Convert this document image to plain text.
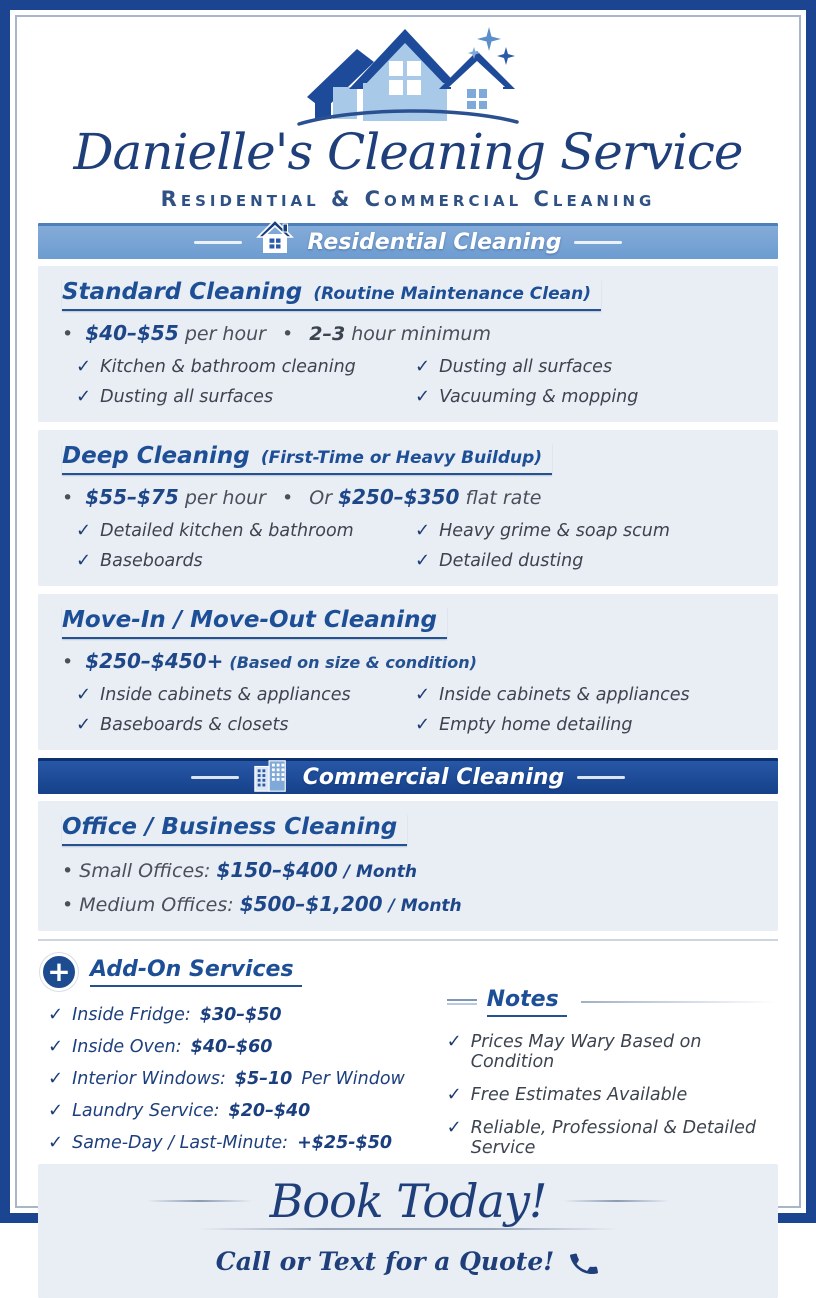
Danielle's Cleaning Service
Residential & Commercial Cleaning
Residential Cleaning
Standard Cleaning (Routine Maintenance Clean)
• $40–$55 per hour • 2–3 hour minimum
✓ Kitchen & bathroom cleaning	✓ Dusting all surfaces
✓ Dusting all surfaces	✓ Vacuuming & mopping
Deep Cleaning (First-Time or Heavy Buildup)
• $55–$75 per hour • Or $250–$350 flat rate
✓ Detailed kitchen & bathroom	✓ Heavy grime & soap scum
✓ Baseboards	✓ Detailed dusting
Move-In / Move-Out Cleaning
• $250–$450+ (Based on size & condition)
✓ Inside cabinets & appliances	✓ Inside cabinets & appliances
✓ Baseboards & closets	✓ Empty home detailing
Commercial Cleaning
Office / Business Cleaning
• Small Offices: $150–$400 / Month
• Medium Offices: $500–$1,200 / Month
+ Add-On Services
✓ Inside Fridge: $30–$50
✓ Inside Oven: $40–$60
✓ Interior Windows: $5–10 Per Window
✓ Laundry Service: $20–$40
✓ Same-Day / Last-Minute: +$25-$50
Notes
✓ Prices May Wary Based on Condition
✓ Free Estimates Available
✓ Reliable, Professional & Detailed Service
Book Today!
Call or Text for a Quote!
